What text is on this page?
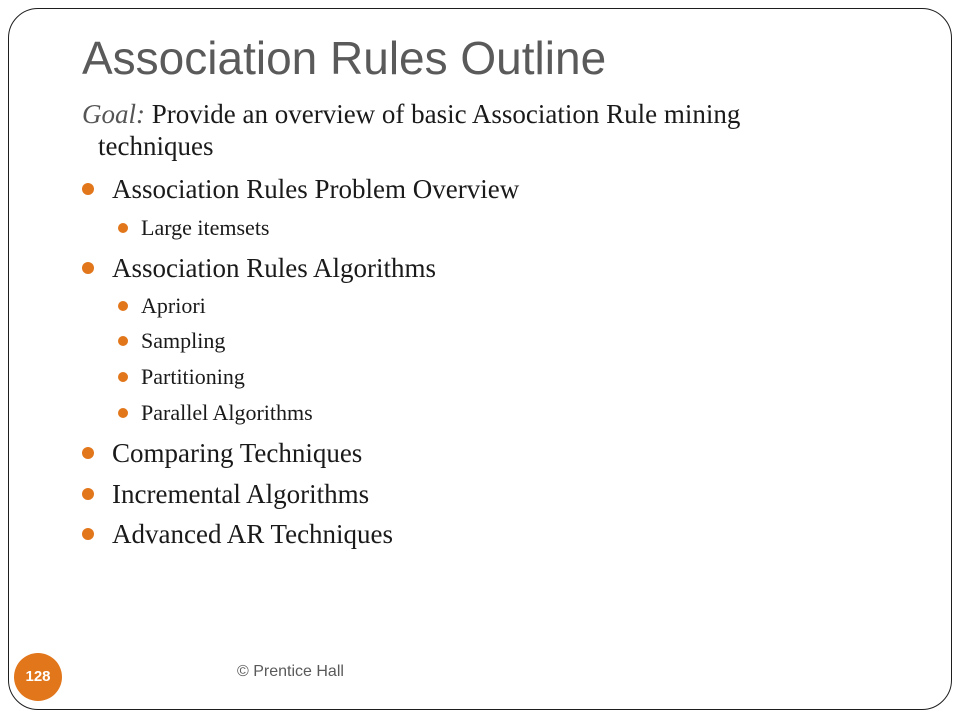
Association Rules Outline

Goal: Provide an overview of basic Association Rule mining
techniques

Association Rules Problem Overview
Large itemsets
Association Rules Algorithms
Apriori
Sampling
Partitioning
Parallel Algorithms
Comparing Techniques
Incremental Algorithms
Advanced AR Techniques
128	© Prentice Hall
